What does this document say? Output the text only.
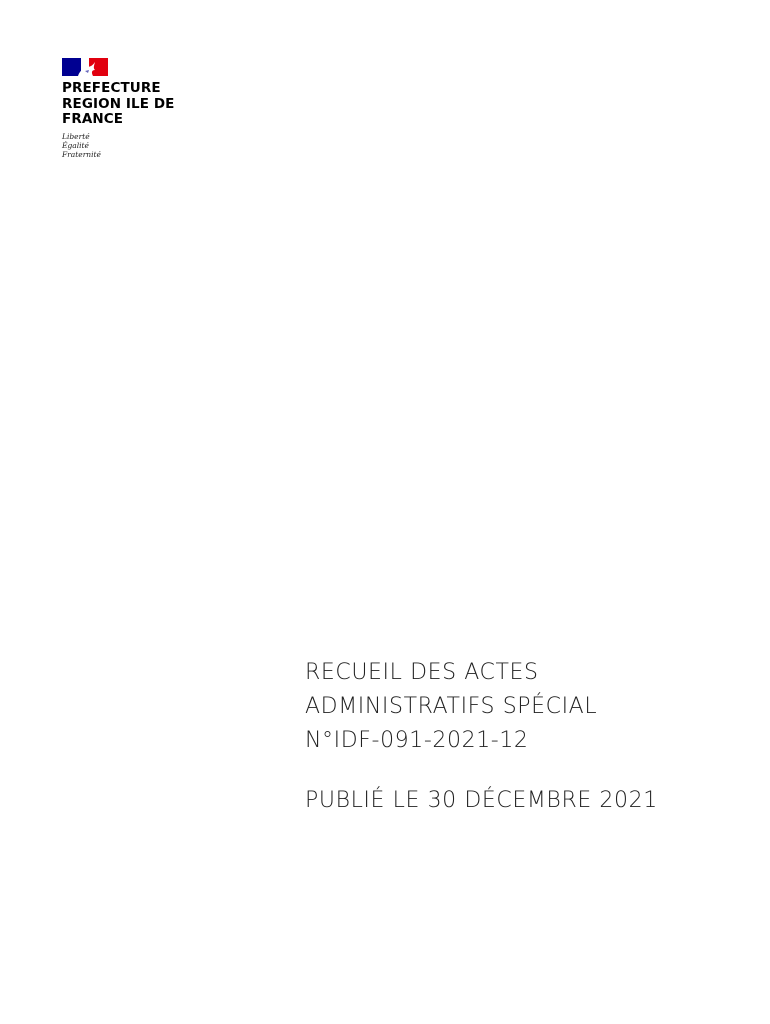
PREFECTURE
REGION ILE DE
FRANCE
Liberté
Égalité
Fraternité
RECUEIL DES ACTES
ADMINISTRATIFS SPÉCIAL
N°IDF-091-2021-12
PUBLIÉ LE 30 DÉCEMBRE 2021
